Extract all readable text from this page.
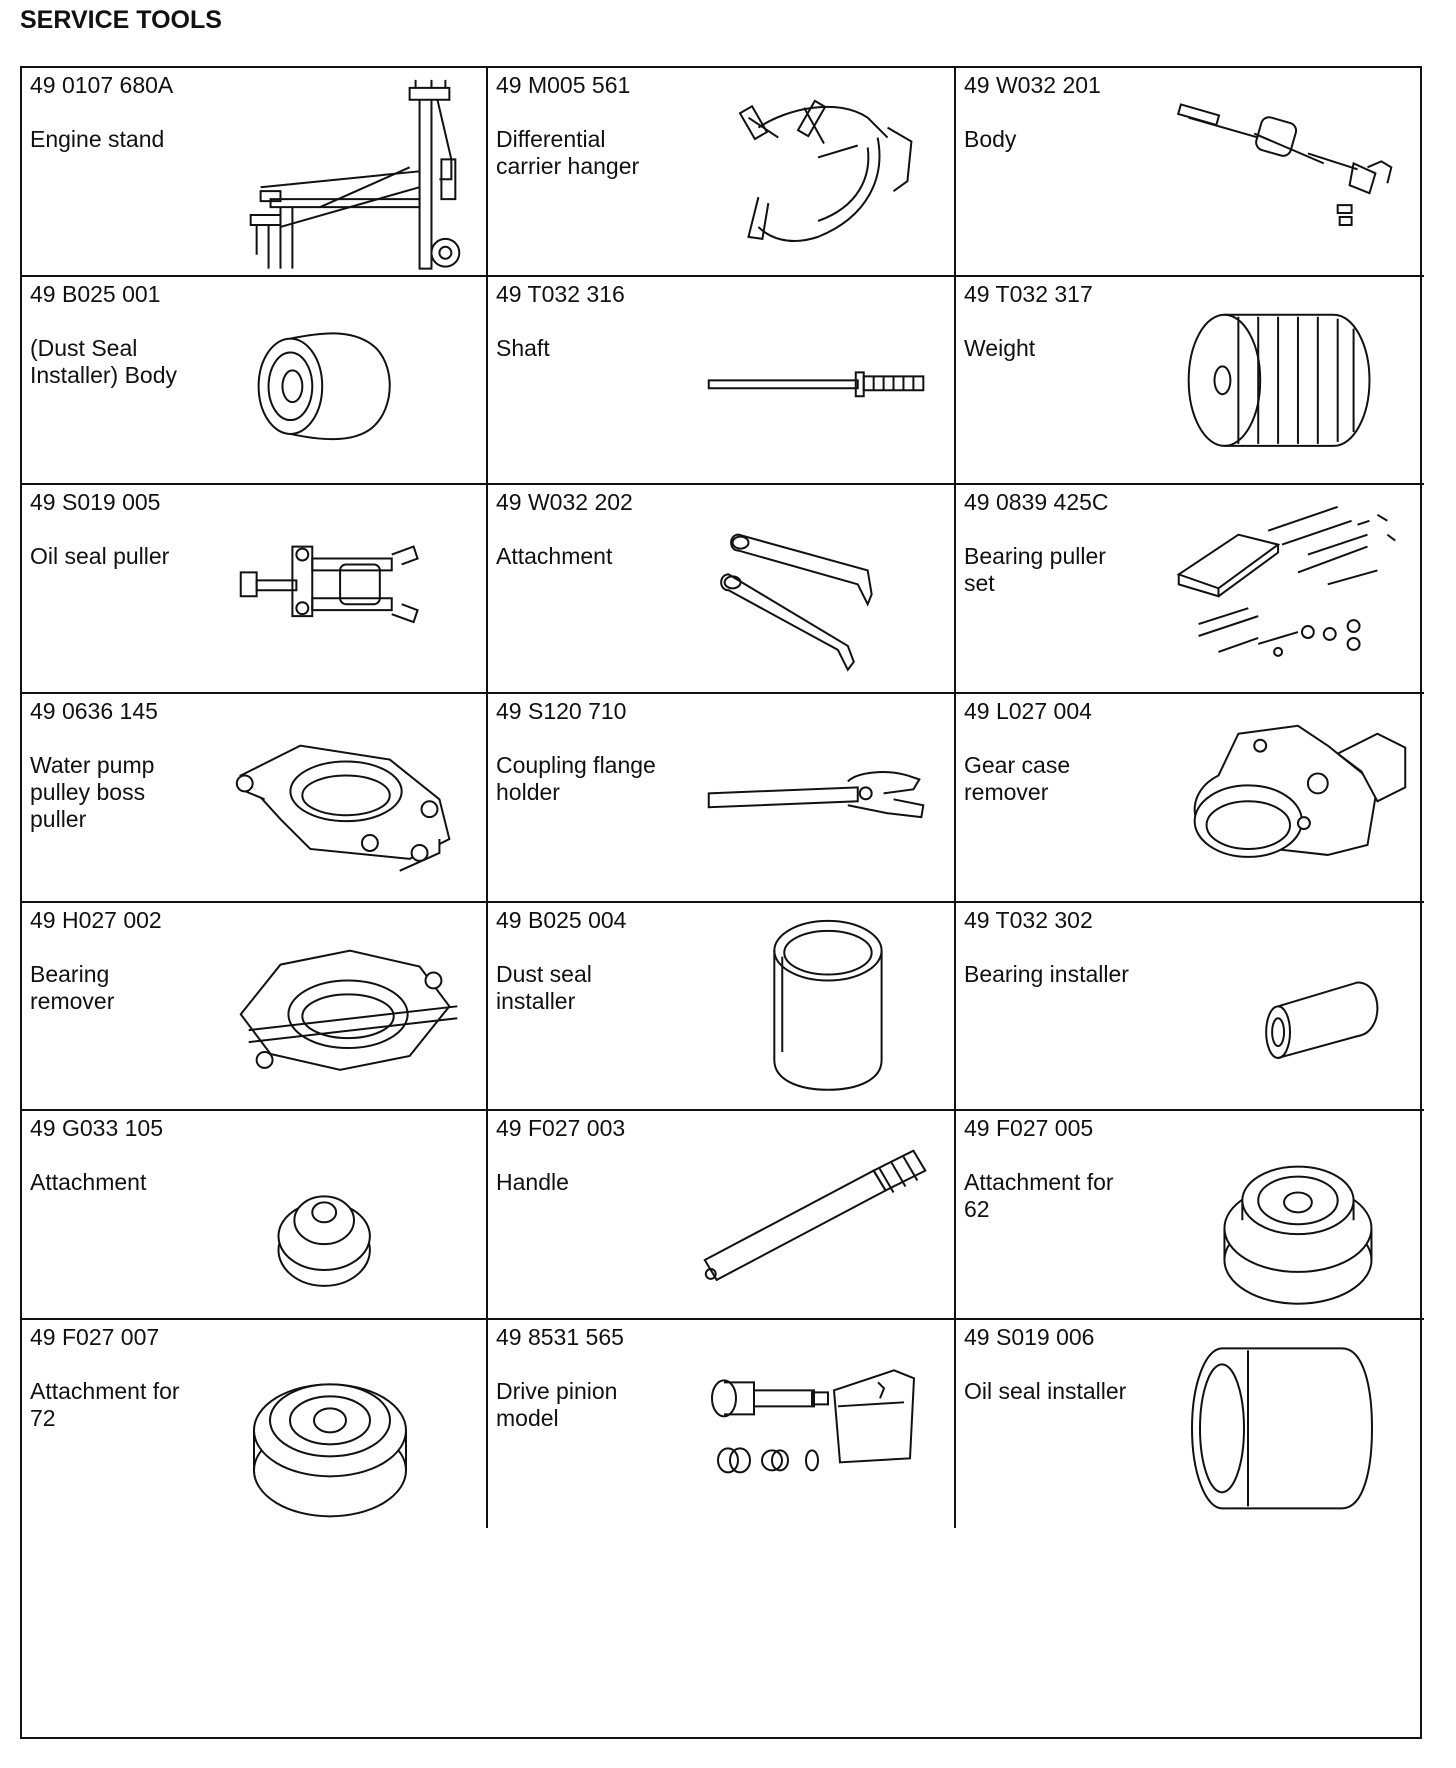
SERVICE TOOLS
49 0107 680A
Engine stand
49 M005 561
Differential
carrier hanger
49 W032 201
Body
49 B025 001
(Dust Seal
Installer) Body
49 T032 316
Shaft
49 T032 317
Weight
49 S019 005
Oil seal puller
49 W032 202
Attachment
49 0839 425C
Bearing puller
set
49 0636 145
Water pump
pulley boss
puller
49 S120 710
Coupling flange
holder
49 L027 004
Gear case
remover
49 H027 002
Bearing
remover
49 B025 004
Dust seal
installer
49 T032 302
Bearing installer
49 G033 105
Attachment
49 F027 003
Handle
49 F027 005
Attachment for
62
49 F027 007
Attachment for
72
49 8531 565
Drive pinion
model
49 S019 006
Oil seal installer
